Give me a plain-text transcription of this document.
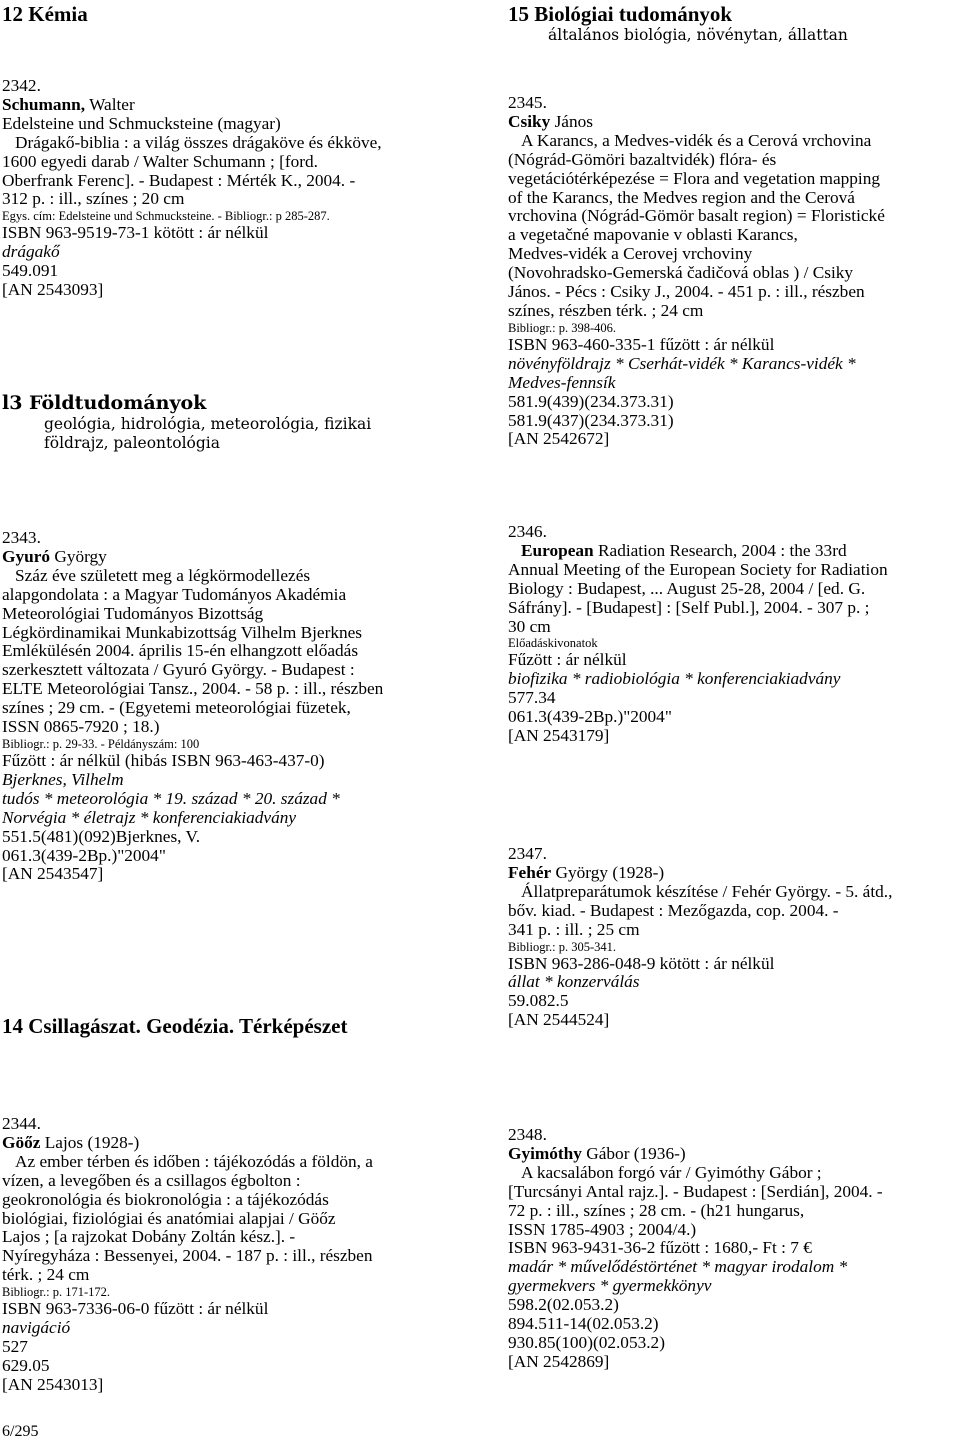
12 Kémia	15 Biológiai tudományok
általános biológia, növénytan, állattan
2342.
Schumann, Walter
Edelsteine und Schmucksteine (magyar)
Drágakő-biblia : a világ összes drágaköve és ékköve,
1600 egyedi darab / Walter Schumann ; [ford.
Oberfrank Ferenc]. - Budapest : Mérték K., 2004. -
312 p. : ill., színes ; 20 cm
Egys. cím: Edelsteine und Schmucksteine. - Bibliogr.: p 285-287.
ISBN 963-9519-73-1 kötött : ár nélkül
drágakő
549.091
[AN 2543093]
l3 Földtudományok
geológia, hidrológia, meteorológia, fizikai
földrajz, paleontológia
2345.
Csiky János
A Karancs, a Medves-vidék és a Cerová vrchovina
(Nógrád-Gömöri bazaltvidék) flóra- és
vegetációtérképezése = Flora and vegetation mapping
of the Karancs, the Medves region and the Cerová
vrchovina (Nógrád-Gömör basalt region) = Floristické
a vegetačné mapovanie v oblasti Karancs,
Medves-vidék a Cerovej vrchoviny
(Novohradsko-Gemerská čadičová oblas ) / Csiky
János. - Pécs : Csiky J., 2004. - 451 p. : ill., részben
színes, részben térk. ; 24 cm
Bibliogr.: p. 398-406.
ISBN 963-460-335-1 fűzött : ár nélkül
növényföldrajz * Cserhát-vidék * Karancs-vidék *
Medves-fennsík
581.9(439)(234.373.31)
581.9(437)(234.373.31)
[AN 2542672]
2343.
Gyuró György
Száz éve született meg a légkörmodellezés
alapgondolata : a Magyar Tudományos Akadémia
Meteorológiai Tudományos Bizottság
Légkördinamikai Munkabizottság Vilhelm Bjerknes
Emlékülésén 2004. április 15-én elhangzott előadás
szerkesztett változata / Gyuró György. - Budapest :
ELTE Meteorológiai Tansz., 2004. - 58 p. : ill., részben
színes ; 29 cm. - (Egyetemi meteorológiai füzetek,
ISSN 0865-7920 ; 18.)
Bibliogr.: p. 29-33. - Példányszám: 100
Fűzött : ár nélkül (hibás ISBN 963-463-437-0)
Bjerknes, Vilhelm
tudós * meteorológia * 19. század * 20. század *
Norvégia * életrajz * konferenciakiadvány
551.5(481)(092)Bjerknes, V.
061.3(439-2Bp.)"2004"
[AN 2543547]
2346.
European Radiation Research, 2004 : the 33rd
Annual Meeting of the European Society for Radiation
Biology : Budapest, ... August 25-28, 2004 / [ed. G.
Sáfrány]. - [Budapest] : [Self Publ.], 2004. - 307 p. ;
30 cm
Előadáskivonatok
Fűzött : ár nélkül
biofizika * radiobiológia * konferenciakiadvány
577.34
061.3(439-2Bp.)"2004"
[AN 2543179]
2347.
Fehér György (1928-)
Állatpreparátumok készítése / Fehér György. - 5. átd.,
bőv. kiad. - Budapest : Mezőgazda, cop. 2004. -
341 p. : ill. ; 25 cm
Bibliogr.: p. 305-341.
ISBN 963-286-048-9 kötött : ár nélkül
állat * konzerválás
59.082.5
[AN 2544524]
14 Csillagászat. Geodézia. Térképészet
2344.
Göőz Lajos (1928-)
Az ember térben és időben : tájékozódás a földön, a
vízen, a levegőben és a csillagos égbolton :
geokronológia és biokronológia : a tájékozódás
biológiai, fiziológiai és anatómiai alapjai / Göőz
Lajos ; [a rajzokat Dobány Zoltán kész.]. -
Nyíregyháza : Bessenyei, 2004. - 187 p. : ill., részben
térk. ; 24 cm
Bibliogr.: p. 171-172.
ISBN 963-7336-06-0 fűzött : ár nélkül
navigáció
527
629.05
[AN 2543013]
2348.
Gyimóthy Gábor (1936-)
A kacsalábon forgó vár / Gyimóthy Gábor ;
[Turcsányi Antal rajz.]. - Budapest : [Serdián], 2004. -
72 p. : ill., színes ; 28 cm. - (h21 hungarus,
ISSN 1785-4903 ; 2004/4.)
ISBN 963-9431-36-2 fűzött : 1680,- Ft : 7 €
madár * művelődéstörténet * magyar irodalom *
gyermekvers * gyermekkönyv
598.2(02.053.2)
894.511-14(02.053.2)
930.85(100)(02.053.2)
[AN 2542869]
6/295
